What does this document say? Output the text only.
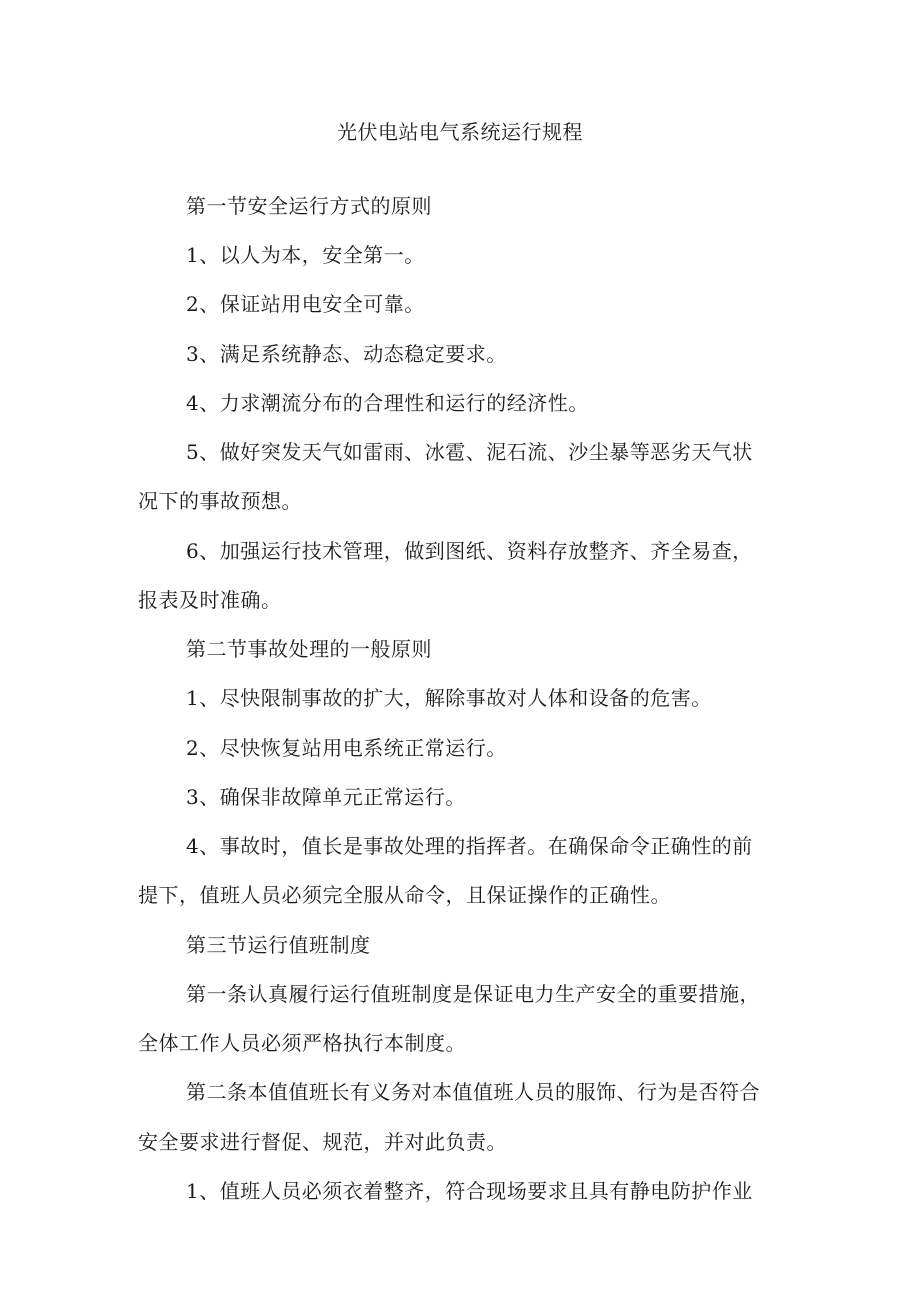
光伏电站电气系统运行规程

第一节安全运行方式的原则

1、以人为本，安全第一。

2、保证站用电安全可靠。

3、满足系统静态、动态稳定要求。

4、力求潮流分布的合理性和运行的经济性。

5、做好突发天气如雷雨、冰雹、泥石流、沙尘暴等恶劣天气状

况下的事故预想。

6、加强运行技术管理，做到图纸、资料存放整齐、齐全易查，

报表及时准确。

第二节事故处理的一般原则

1、尽快限制事故的扩大，解除事故对人体和设备的危害。

2、尽快恢复站用电系统正常运行。

3、确保非故障单元正常运行。

4、事故时，值长是事故处理的指挥者。在确保命令正确性的前

提下，值班人员必须完全服从命令，且保证操作的正确性。

第三节运行值班制度

第一条认真履行运行值班制度是保证电力生产安全的重要措施，

全体工作人员必须严格执行本制度。

第二条本值值班长有义务对本值值班人员的服饰、行为是否符合

安全要求进行督促、规范，并对此负责。

1、值班人员必须衣着整齐，符合现场要求且具有静电防护作业
